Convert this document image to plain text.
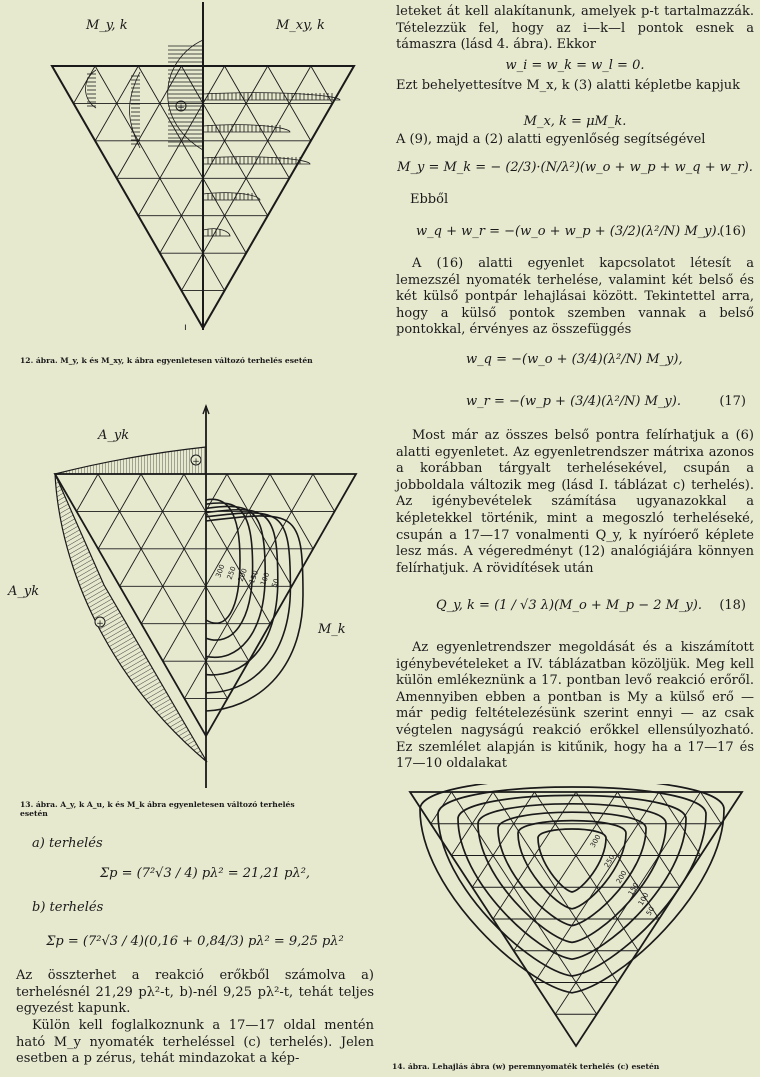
+
ı
M_y, k	M_xy, k
12. ábra. M_y, k és M_xy, k ábra egyenletesen változó terhelés esetén
300 250 200 150 100 50
+
+
A_yk
A_yk
M_k
13. ábra. A_y, k A_u, k és M_k ábra egyenletesen változó terhelés esetén
a) terhelés
Σp = (7²√3 / 4) pλ² = 21,21 pλ²,
b) terhelés
Σp = (7²√3 / 4)(0,16 + 0,84/3) pλ² = 9,25 pλ²
Az összterhet a reakció erőkből számolva a) terhelésnél 21,29 pλ²-t, b)-nél 9,25 pλ²-t, tehát teljes egyezést kapunk.
Külön kell foglalkoznunk a 17—17 oldal mentén ható M_y nyomaték terheléssel (c) terhelés). Jelen esetben a p zérus, tehát mindazokat a kép-
leteket át kell alakítanunk, amelyek p-t tartalmazzák. Tételezzük fel, hogy az i—k—l pontok esnek a támaszra (lásd 4. ábra). Ekkor
w_i = w_k = w_l = 0.
Ezt behelyettesítve M_x, k (3) alatti képletbe kapjuk
M_x, k = μM_k.
A (9), majd a (2) alatti egyenlőség segítségével
M_y = M_k = − (2/3)·(N/λ²)(w_o + w_p + w_q + w_r).
Ebből
w_q + w_r = −(w_o + w_p + (3/2)(λ²/N) M_y).
(16)
A (16) alatti egyenlet kapcsolatot létesít a lemezszél nyomaték terhelése, valamint két belső és két külső pontpár lehajlásai között. Tekintettel arra, hogy a külső pontok szemben vannak a belső pontokkal, érvényes az összefüggés
w_q = −(w_o + (3/4)(λ²/N) M_y),
w_r = −(w_p + (3/4)(λ²/N) M_y).	(17)
Most már az összes belső pontra felírhatjuk a (6) alatti egyenletet. Az egyenletrendszer mátrixa azonos a korábban tárgyalt terhelésekével, csupán a jobboldala változik meg (lásd I. táblázat c) terhelés). Az igénybevételek számítása ugyanazokkal a képletekkel történik, mint a megoszló terheléseké, csupán a 17—17 vonalmenti Q_y, k nyíróerő képlete lesz más. A végeredményt (12) analógiájára könnyen felírhatjuk. A rövidítések után
Q_y, k = (1 / √3 λ)(M_o + M_p − 2 M_y). (18)
Az egyenletrendszer megoldását és a kiszámított igénybevételeket a IV. táblázatban közöljük. Meg kell külön emlékeznünk a 17. pontban levő reakció erőről. Amennyiben ebben a pontban is My a külső erő — már pedig feltételezésünk szerint ennyi — az csak végtelen nagyságú reakció erőkkel ellensúlyozható. Ez szemlélet alapján is kitűnik, hogy ha a 17—17 és 17—10 oldalakat
300
250
200
150
100
50
14. ábra. Lehajlás ábra (w) peremnyomaték terhelés (c) esetén
